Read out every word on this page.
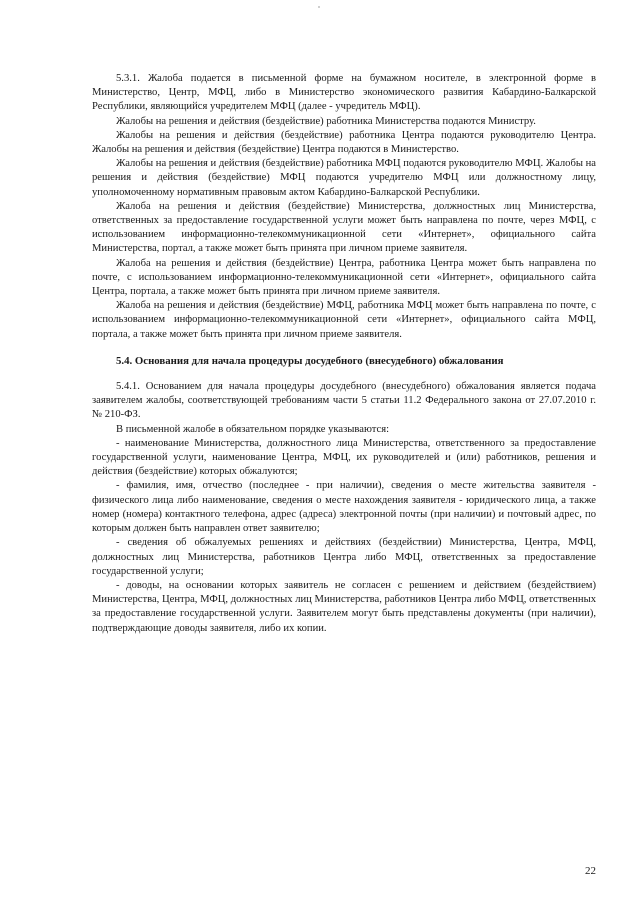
5.3.1. Жалоба подается в письменной форме на бумажном носителе, в электронной форме в Министерство, Центр, МФЦ, либо в Министерство экономического развития Кабардино-Балкарской Республики, являющийся учредителем МФЦ (далее - учредитель МФЦ).

Жалобы на решения и действия (бездействие) работника Министерства подаются Министру.

Жалобы на решения и действия (бездействие) работника Центра подаются руководителю Центра. Жалобы на решения и действия (бездействие) Центра подаются в Министерство.

Жалобы на решения и действия (бездействие) работника МФЦ подаются руководителю МФЦ. Жалобы на решения и действия (бездействие) МФЦ подаются учредителю МФЦ или должностному лицу, уполномоченному нормативным правовым актом Кабардино-Балкарской Республики.

Жалоба на решения и действия (бездействие) Министерства, должностных лиц Министерства, ответственных за предоставление государственной услуги может быть направлена по почте, через МФЦ, с использованием информационно-телекоммуникационной сети «Интернет», официального сайта Министерства, портал, а также может быть принята при личном приеме заявителя.

Жалоба на решения и действия (бездействие) Центра, работника Центра может быть направлена по почте, с использованием информационно-телекоммуникационной сети «Интернет», официального сайта Центра, портала, а также может быть принята при личном приеме заявителя.

Жалоба на решения и действия (бездействие) МФЦ, работника МФЦ может быть направлена по почте, с использованием информационно-телекоммуникационной сети «Интернет», официального сайта МФЦ, портала, а также может быть принята при личном приеме заявителя.

5.4. Основания для начала процедуры досудебного (внесудебного) обжалования

5.4.1. Основанием для начала процедуры досудебного (внесудебного) обжалования является подача заявителем жалобы, соответствующей требованиям части 5 статьи 11.2 Федерального закона от 27.07.2010 г. № 210-ФЗ.

В письменной жалобе в обязательном порядке указываются:

- наименование Министерства, должностного лица Министерства, ответственного за предоставление государственной услуги, наименование Центра, МФЦ, их руководителей и (или) работников, решения и действия (бездействие) которых обжалуются;

- фамилия, имя, отчество (последнее - при наличии), сведения о месте жительства заявителя - физического лица либо наименование, сведения о месте нахождения заявителя - юридического лица, а также номер (номера) контактного телефона, адрес (адреса) электронной почты (при наличии) и почтовый адрес, по которым должен быть направлен ответ заявителю;

- сведения об обжалуемых решениях и действиях (бездействии) Министерства, Центра, МФЦ, должностных лиц Министерства, работников Центра либо МФЦ, ответственных за предоставление государственной услуги;

- доводы, на основании которых заявитель не согласен с решением и действием (бездействием) Министерства, Центра, МФЦ, должностных лиц Министерства, работников Центра либо МФЦ, ответственных за предоставление государственной услуги. Заявителем могут быть представлены документы (при наличии), подтверждающие доводы заявителя, либо их копии.

22
